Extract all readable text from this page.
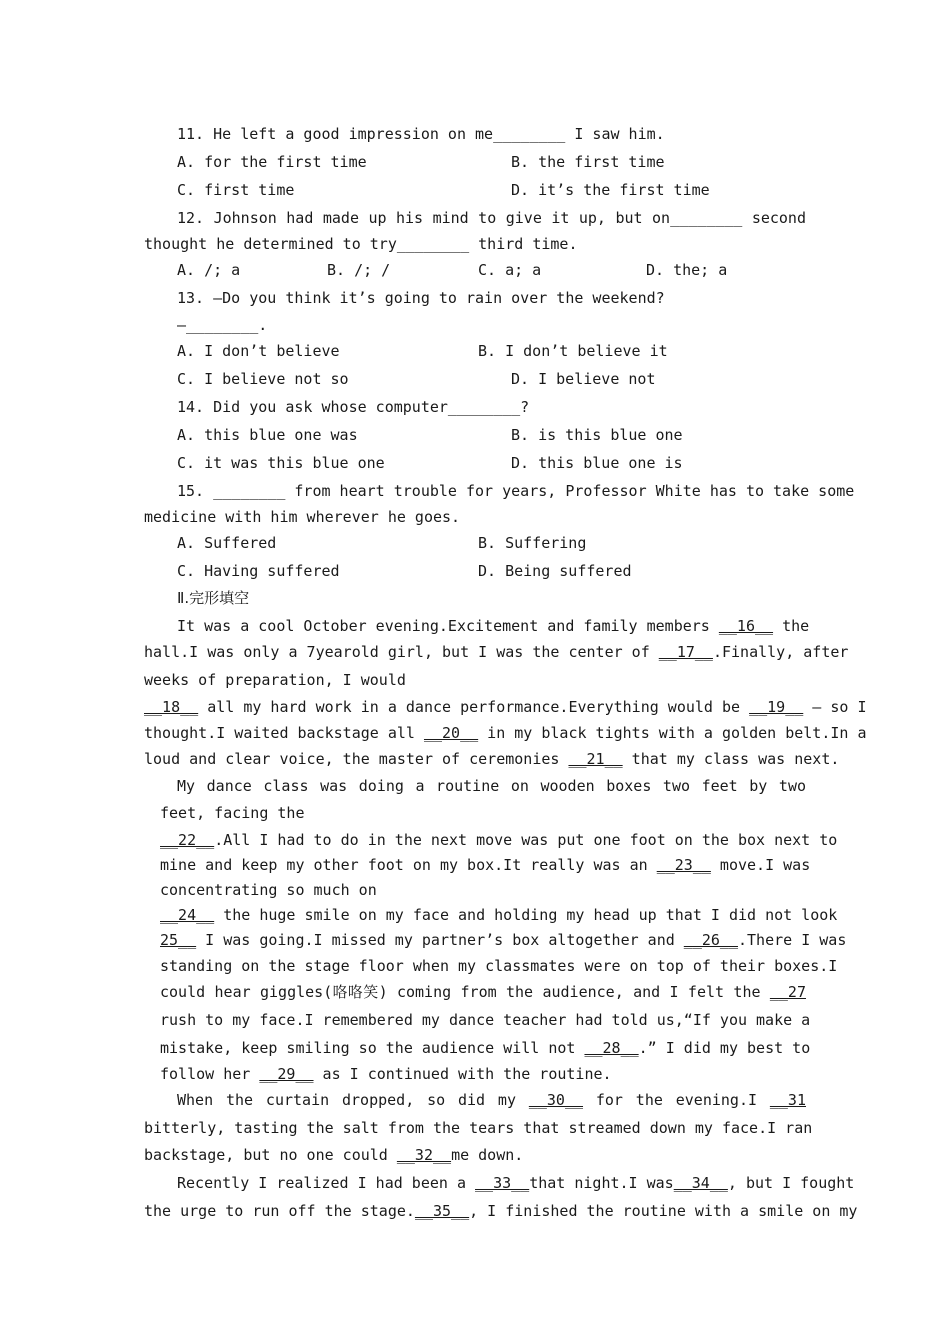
11. He left a good impression on me________ I saw him.
A. for the first time	B. the first time
C. first time	D. it’s the first time
12. Johnson had made up his mind to give it up, but on________ second
thought he determined to try________ third time.
A. /; a	B. /; /	C. a; a	D. the; a
13. —Do you think it’s going to rain over the weekend?
—________.
A. I don’t believe	B. I don’t believe it
C. I believe not so	D. I believe not
14. Did you ask whose computer________?
A. this blue one was	B. is this blue one
C. it was this blue one	D. this blue one is
15. ________ from heart trouble for years, Professor White has to take some
medicine with him wherever he goes.
A. Suffered	B. Suffering
C. Having suffered	D. Being suffered
Ⅱ.完形填空
It was a cool October evening.Excitement and family members __16__ the
hall.I was only a 7yearold girl, but I was the center of __17__.Finally, after
weeks of preparation, I would
__18__ all my hard work in a dance performance.Everything would be __19__ — so I
thought.I waited backstage all __20__ in my black tights with a golden belt.In a
loud and clear voice, the master of ceremonies __21__ that my class was next.
My dance class was doing a routine on wooden boxes two feet by two
feet, facing the
__22__.All I had to do in the next move was put one foot on the box next to
mine and keep my other foot on my box.It really was an __23__ move.I was
concentrating so much on
__24__ the huge smile on my face and holding my head up that I did not look
25__ I was going.I missed my partner’s box altogether and __26__.There I was
standing on the stage floor when my classmates were on top of their boxes.I
could hear giggles(咯咯笑) coming from the audience, and I felt the __27
rush to my face.I remembered my dance teacher had told us,“If you make a
mistake, keep smiling so the audience will not __28__.” I did my best to
follow her __29__ as I continued with the routine.
When the curtain dropped, so did my __30__ for the evening.I __31
bitterly, tasting the salt from the tears that streamed down my face.I ran
backstage, but no one could __32__me down.
Recently I realized I had been a __33__that night.I was__34__, but I fought
the urge to run off the stage.__35__, I finished the routine with a smile on my
